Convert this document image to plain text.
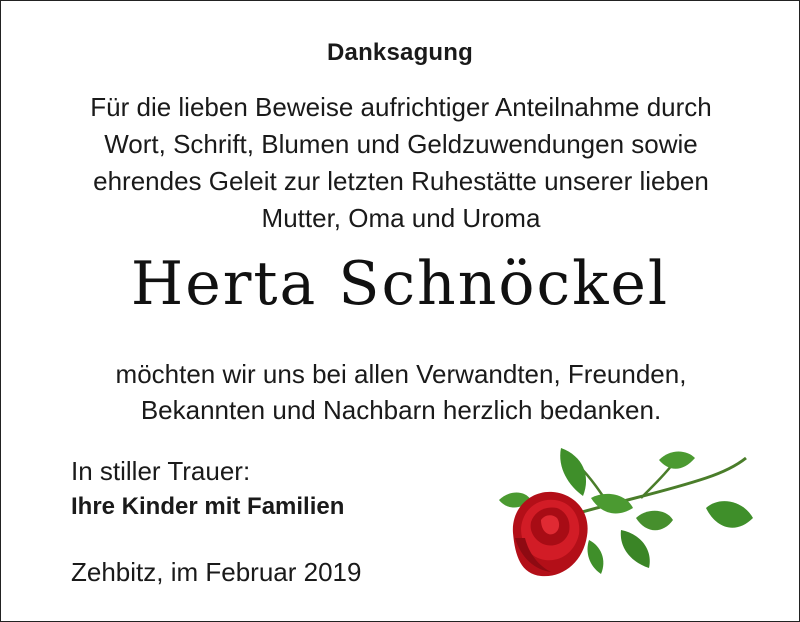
Danksagung
Für die lieben Beweise aufrichtiger Anteilnahme durch
Wort, Schrift, Blumen und Geldzuwendungen sowie
ehrendes Geleit zur letzten Ruhestätte unserer lieben
Mutter, Oma und Uroma
Herta Schnöckel
möchten wir uns bei allen Verwandten, Freunden,
Bekannten und Nachbarn herzlich bedanken.
In stiller Trauer:
Ihre Kinder mit Familien
Zehbitz, im Februar 2019
